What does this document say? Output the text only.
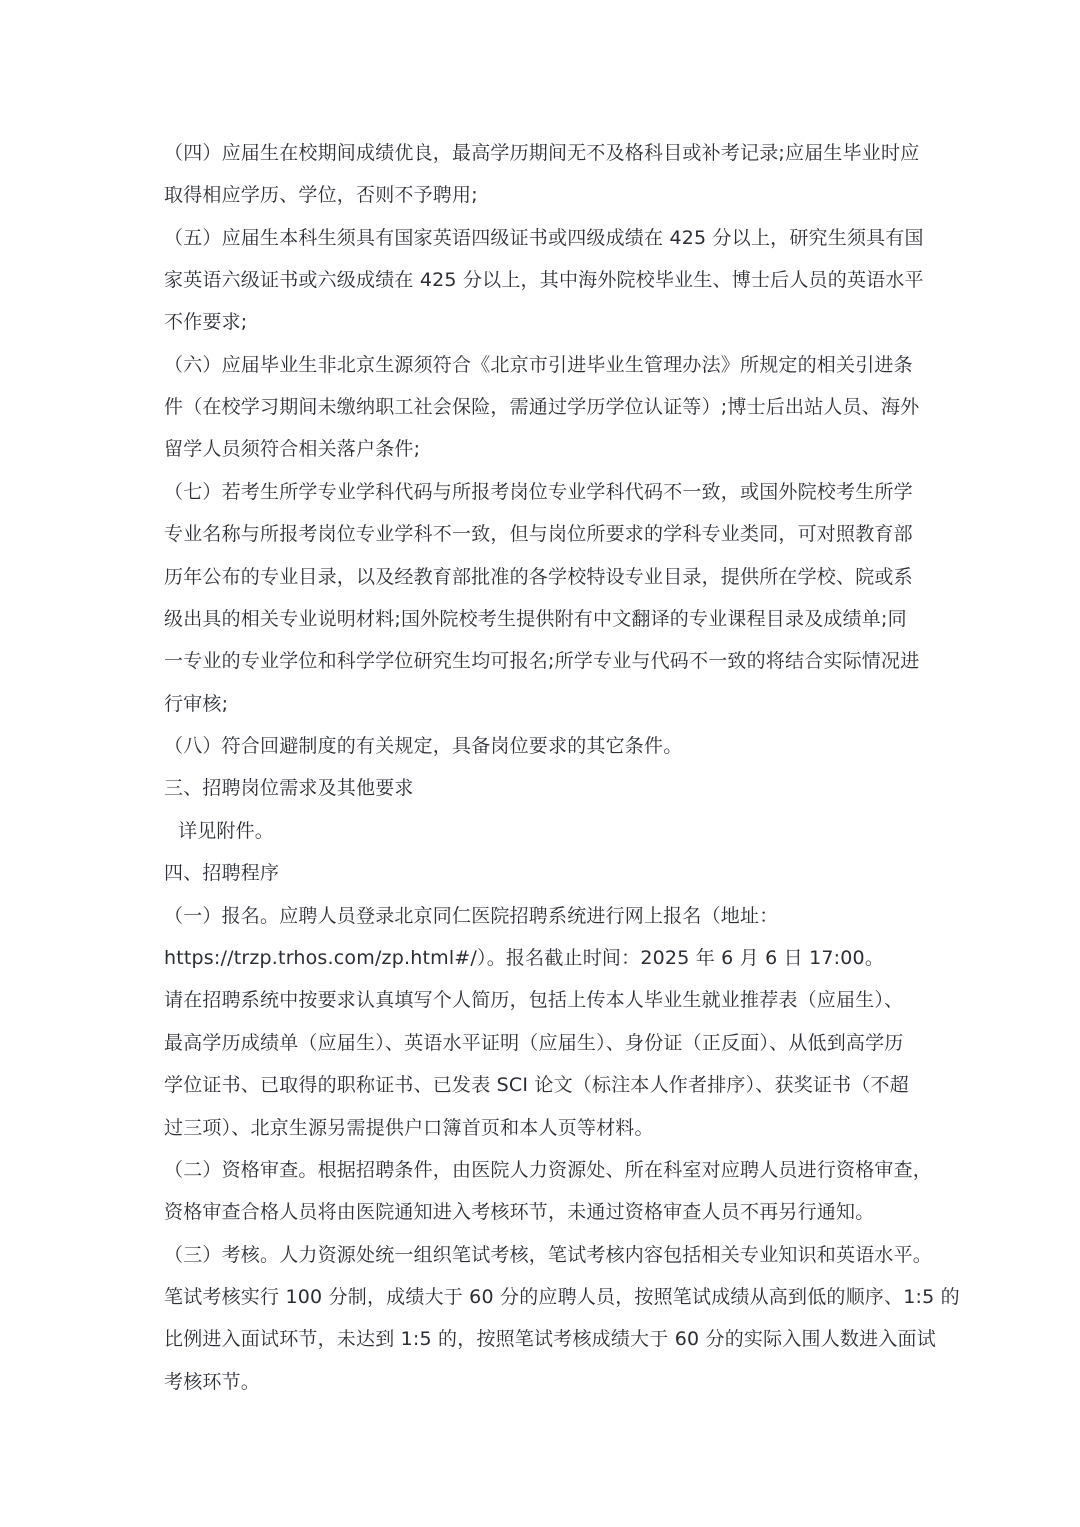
（四）应届生在校期间成绩优良，最高学历期间无不及格科目或补考记录;应届生毕业时应
取得相应学历、学位，否则不予聘用;
（五）应届生本科生须具有国家英语四级证书或四级成绩在 425 分以上，研究生须具有国
家英语六级证书或六级成绩在 425 分以上，其中海外院校毕业生、博士后人员的英语水平
不作要求;
（六）应届毕业生非北京生源须符合《北京市引进毕业生管理办法》所规定的相关引进条
件（在校学习期间未缴纳职工社会保险，需通过学历学位认证等）;博士后出站人员、海外
留学人员须符合相关落户条件;
（七）若考生所学专业学科代码与所报考岗位专业学科代码不一致，或国外院校考生所学
专业名称与所报考岗位专业学科不一致，但与岗位所要求的学科专业类同，可对照教育部
历年公布的专业目录，以及经教育部批准的各学校特设专业目录，提供所在学校、院或系
级出具的相关专业说明材料;国外院校考生提供附有中文翻译的专业课程目录及成绩单;同
一专业的专业学位和科学学位研究生均可报名;所学专业与代码不一致的将结合实际情况进
行审核;
（八）符合回避制度的有关规定，具备岗位要求的其它条件。
三、招聘岗位需求及其他要求
详见附件。
四、招聘程序
（一）报名。应聘人员登录北京同仁医院招聘系统进行网上报名（地址：
https://trzp.trhos.com/zp.html#/）。报名截止时间：2025 年 6 月 6 日 17:00。
请在招聘系统中按要求认真填写个人简历，包括上传本人毕业生就业推荐表（应届生）、
最高学历成绩单（应届生）、英语水平证明（应届生）、身份证（正反面）、从低到高学历
学位证书、已取得的职称证书、已发表 SCI 论文（标注本人作者排序）、获奖证书（不超
过三项）、北京生源另需提供户口簿首页和本人页等材料。
（二）资格审查。根据招聘条件，由医院人力资源处、所在科室对应聘人员进行资格审查，
资格审查合格人员将由医院通知进入考核环节，未通过资格审查人员不再另行通知。
（三）考核。人力资源处统一组织笔试考核，笔试考核内容包括相关专业知识和英语水平。
笔试考核实行 100 分制，成绩大于 60 分的应聘人员，按照笔试成绩从高到低的顺序、1:5 的
比例进入面试环节，未达到 1:5 的，按照笔试考核成绩大于 60 分的实际入围人数进入面试
考核环节。
